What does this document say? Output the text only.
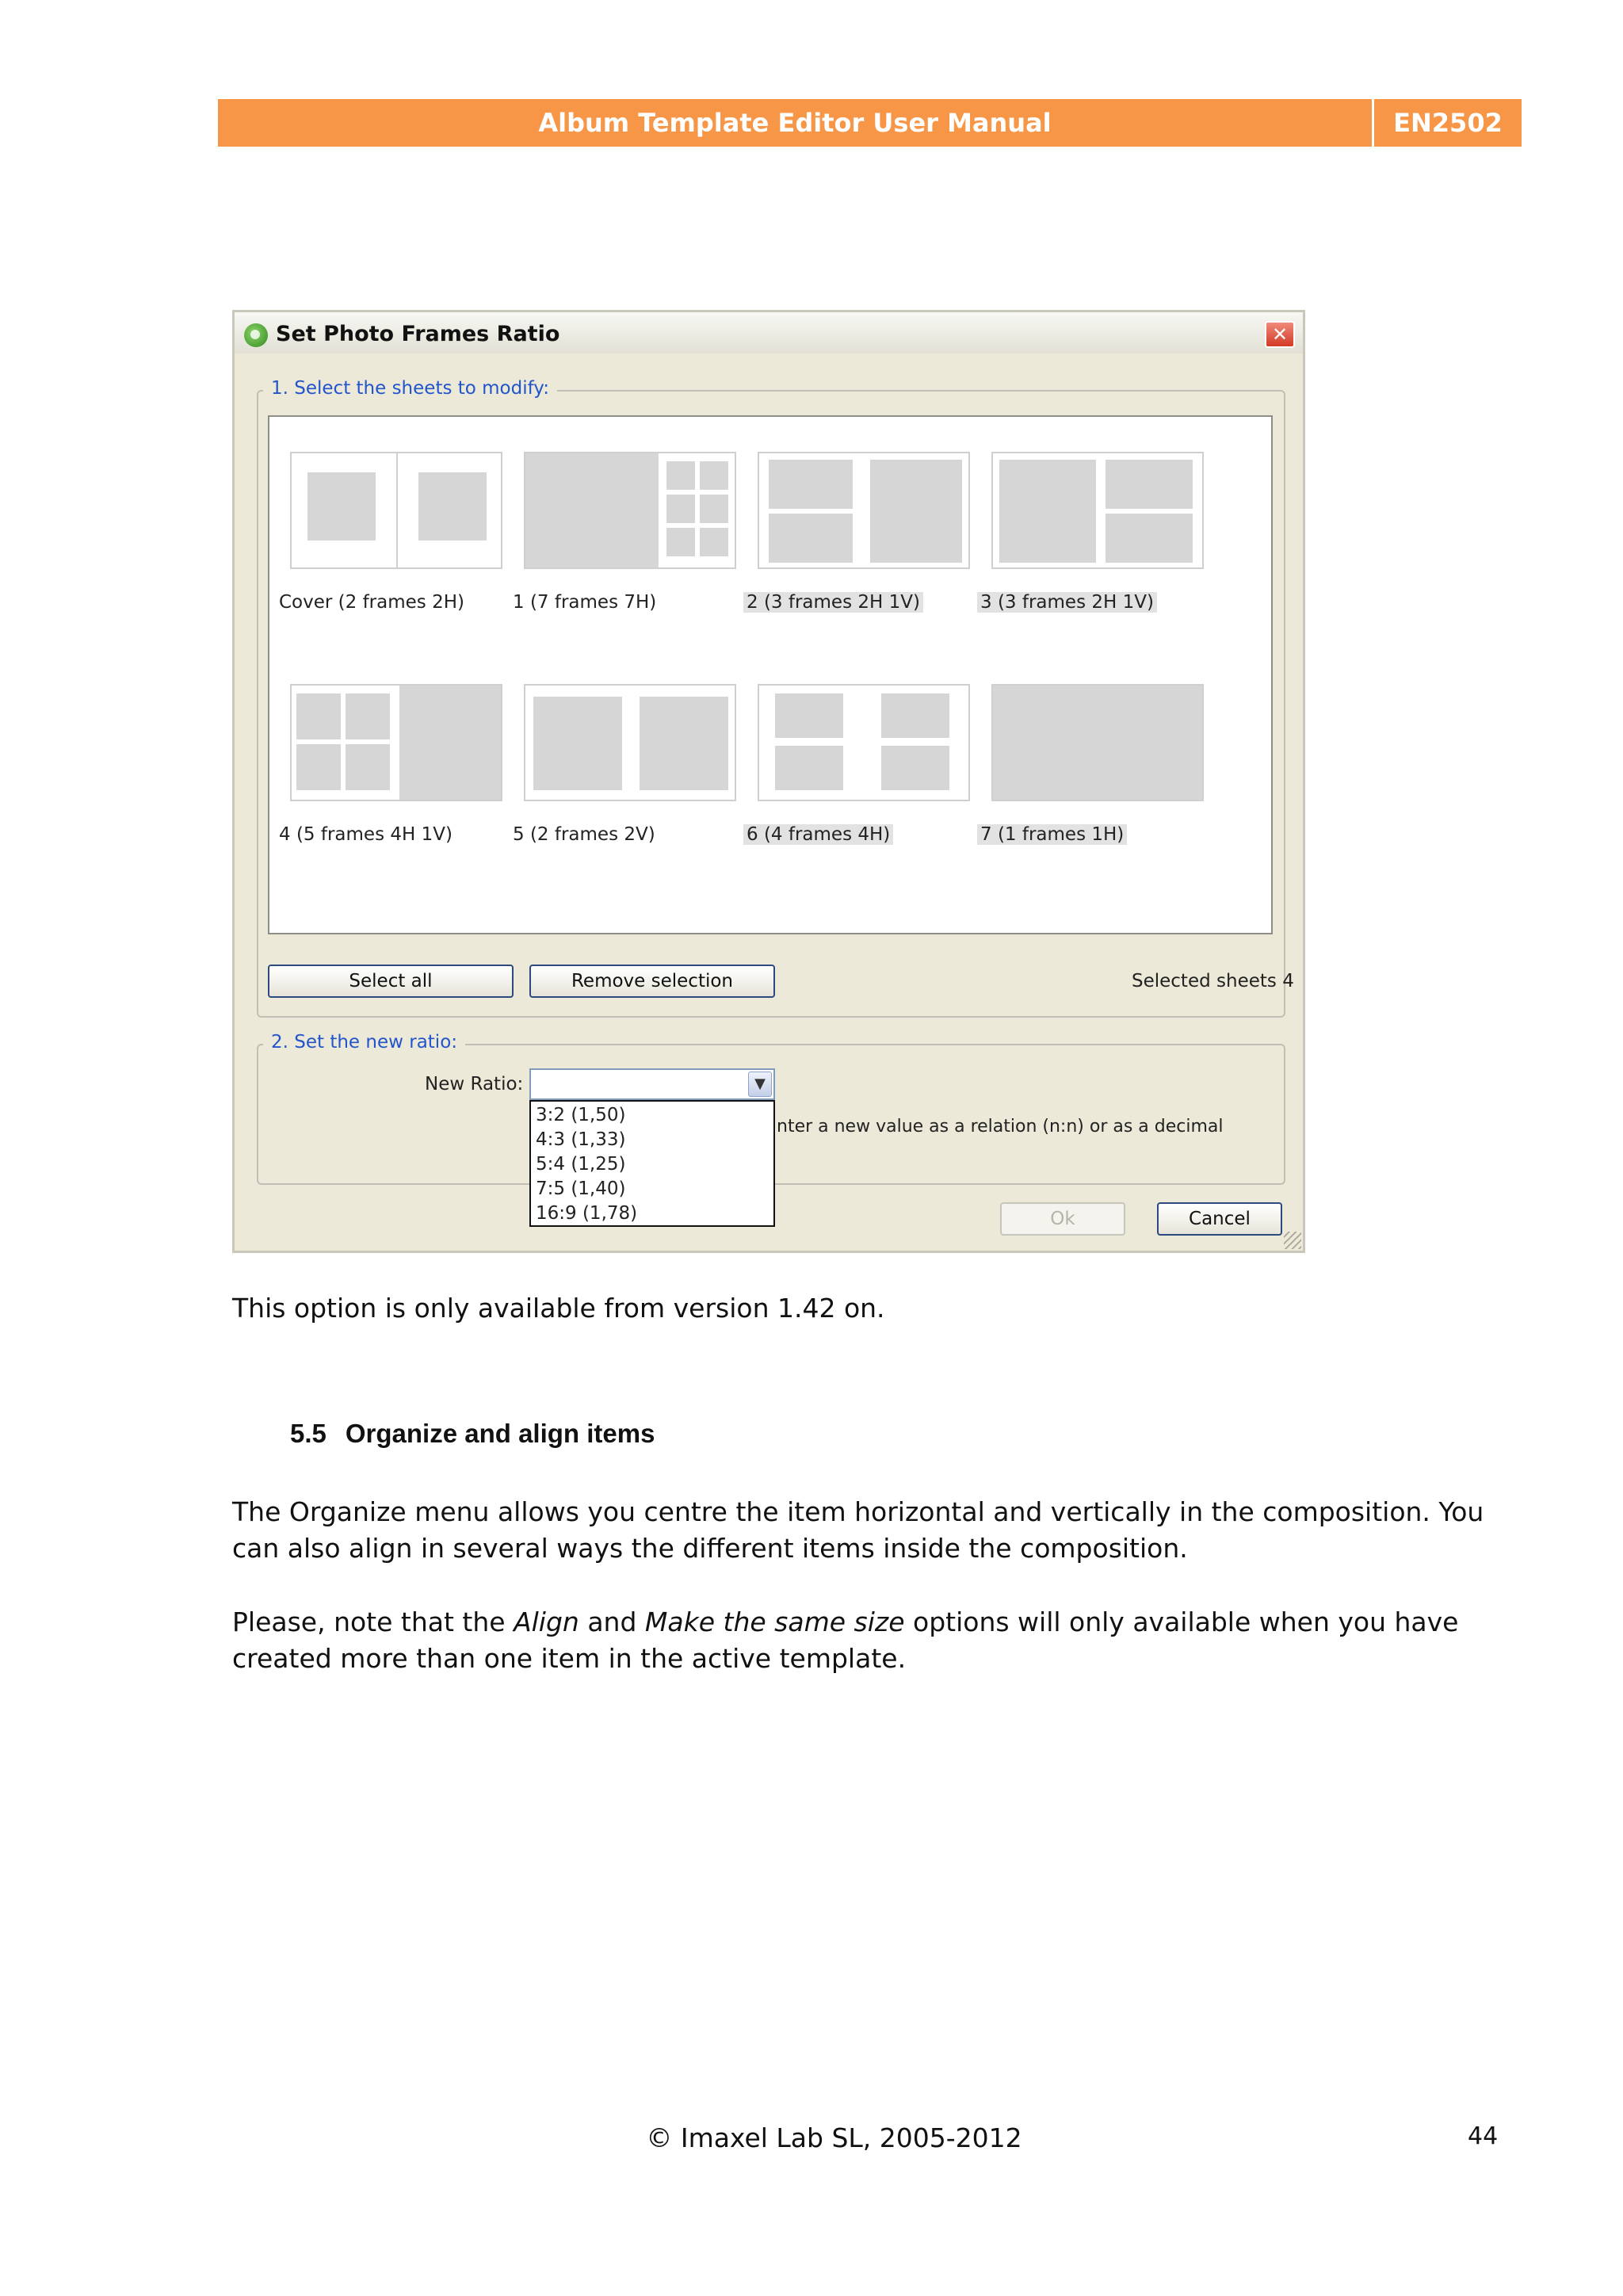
Album Template Editor User Manual	EN2502
Set Photo Frames Ratio	✕
1. Select the sheets to modify:
Cover (2 frames 2H)	1 (7 frames 7H)	2 (3 frames 2H 1V)	3 (3 frames 2H 1V)
4 (5 frames 4H 1V)	5 (2 frames 2V)	6 (4 frames 4H)	7 (1 frames 1H)
Select all	Remove selection	Selected sheets 4
2. Set the new ratio:
New Ratio:	▼
nter a new value as a relation (n:n) or as a decimal
3:2 (1,50)
4:3 (1,33)
5:4 (1,25)
7:5 (1,40)
16:9 (1,78)	Ok	Cancel
This option is only available from version 1.42 on.
5.5 Organize and align items
The Organize menu allows you centre the item horizontal and vertically in the composition. You can also align in several ways the different items inside the composition.
Please, note that the Align and Make the same size options will only available when you have created more than one item in the active template.
© Imaxel Lab SL, 2005-2012	44
